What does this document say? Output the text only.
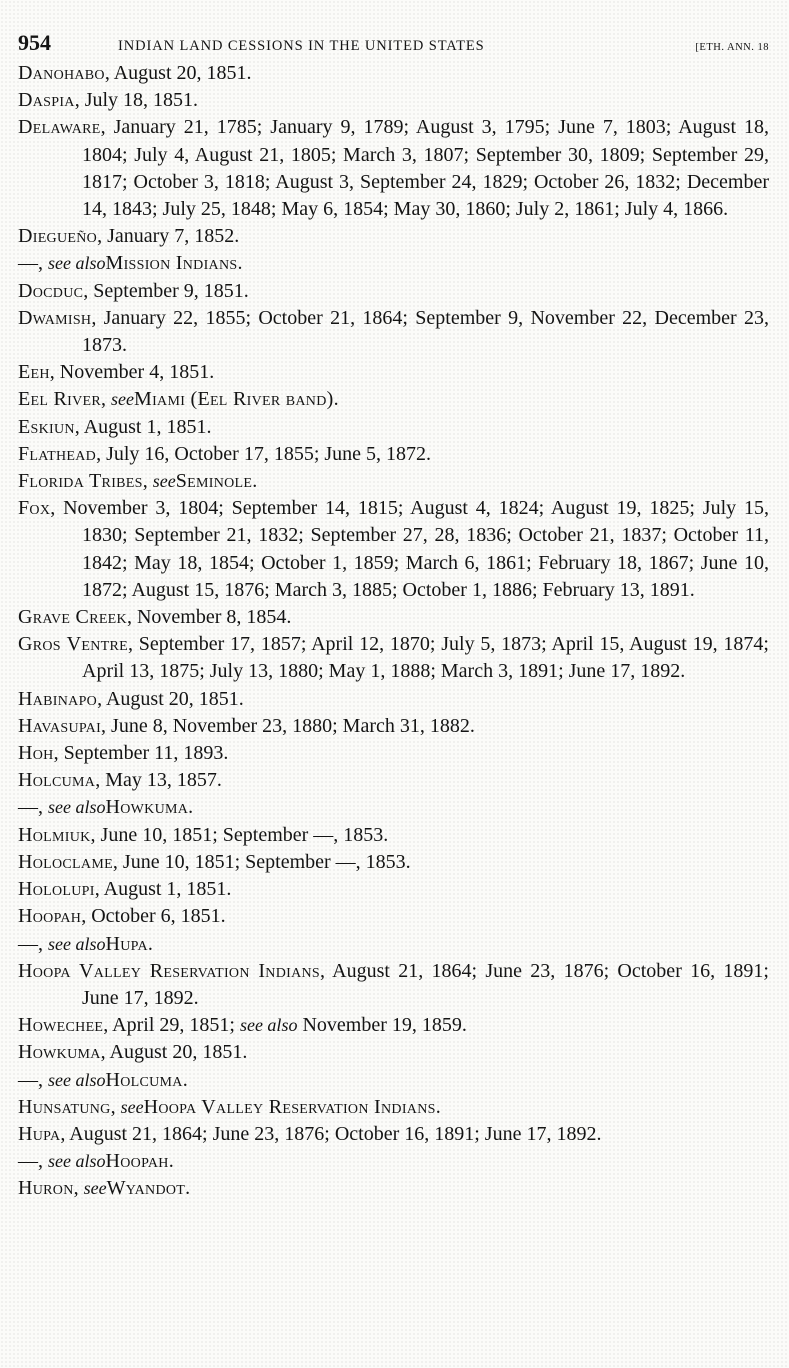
954	INDIAN LAND CESSIONS IN THE UNITED STATES	[ETH. ANN. 18

Danohabo, August 20, 1851.

Daspia, July 18, 1851.

Delaware, January 21, 1785; January 9, 1789; August 3, 1795; June 7, 1803; August 18, 1804; July 4, August 21, 1805; March 3, 1807; September 30, 1809; September 29, 1817; October 3, 1818; August 3, September 24, 1829; October 26, 1832; December 14, 1843; July 25, 1848; May 6, 1854; May 30, 1860; July 2, 1861; July 4, 1866.

Diegueño, January 7, 1852.

—, see alsoMission Indians.

Docduc, September 9, 1851.

Dwamish, January 22, 1855; October 21, 1864; September 9, November 22, December 23, 1873.

Eeh, November 4, 1851.

Eel River, seeMiami (Eel River band).

Eskiun, August 1, 1851.

Flathead, July 16, October 17, 1855; June 5, 1872.

Florida Tribes, seeSeminole.

Fox, November 3, 1804; September 14, 1815; August 4, 1824; August 19, 1825; July 15, 1830; September 21, 1832; September 27, 28, 1836; October 21, 1837; October 11, 1842; May 18, 1854; October 1, 1859; March 6, 1861; February 18, 1867; June 10, 1872; August 15, 1876; March 3, 1885; October 1, 1886; February 13, 1891.

Grave Creek, November 8, 1854.

Gros Ventre, September 17, 1857; April 12, 1870; July 5, 1873; April 15, August 19, 1874; April 13, 1875; July 13, 1880; May 1, 1888; March 3, 1891; June 17, 1892.

Habinapo, August 20, 1851.

Havasupai, June 8, November 23, 1880; March 31, 1882.

Hoh, September 11, 1893.

Holcuma, May 13, 1857.

—, see alsoHowkuma.

Holmiuk, June 10, 1851; September —, 1853.

Holoclame, June 10, 1851; September —, 1853.

Hololupi, August 1, 1851.

Hoopah, October 6, 1851.

—, see alsoHupa.

Hoopa Valley Reservation Indians, August 21, 1864; June 23, 1876; October 16, 1891; June 17, 1892.

Howechee, April 29, 1851; see also November 19, 1859.

Howkuma, August 20, 1851.

—, see alsoHolcuma.

Hunsatung, seeHoopa Valley Reservation Indians.

Hupa, August 21, 1864; June 23, 1876; October 16, 1891; June 17, 1892.

—, see alsoHoopah.

Huron, seeWyandot.
